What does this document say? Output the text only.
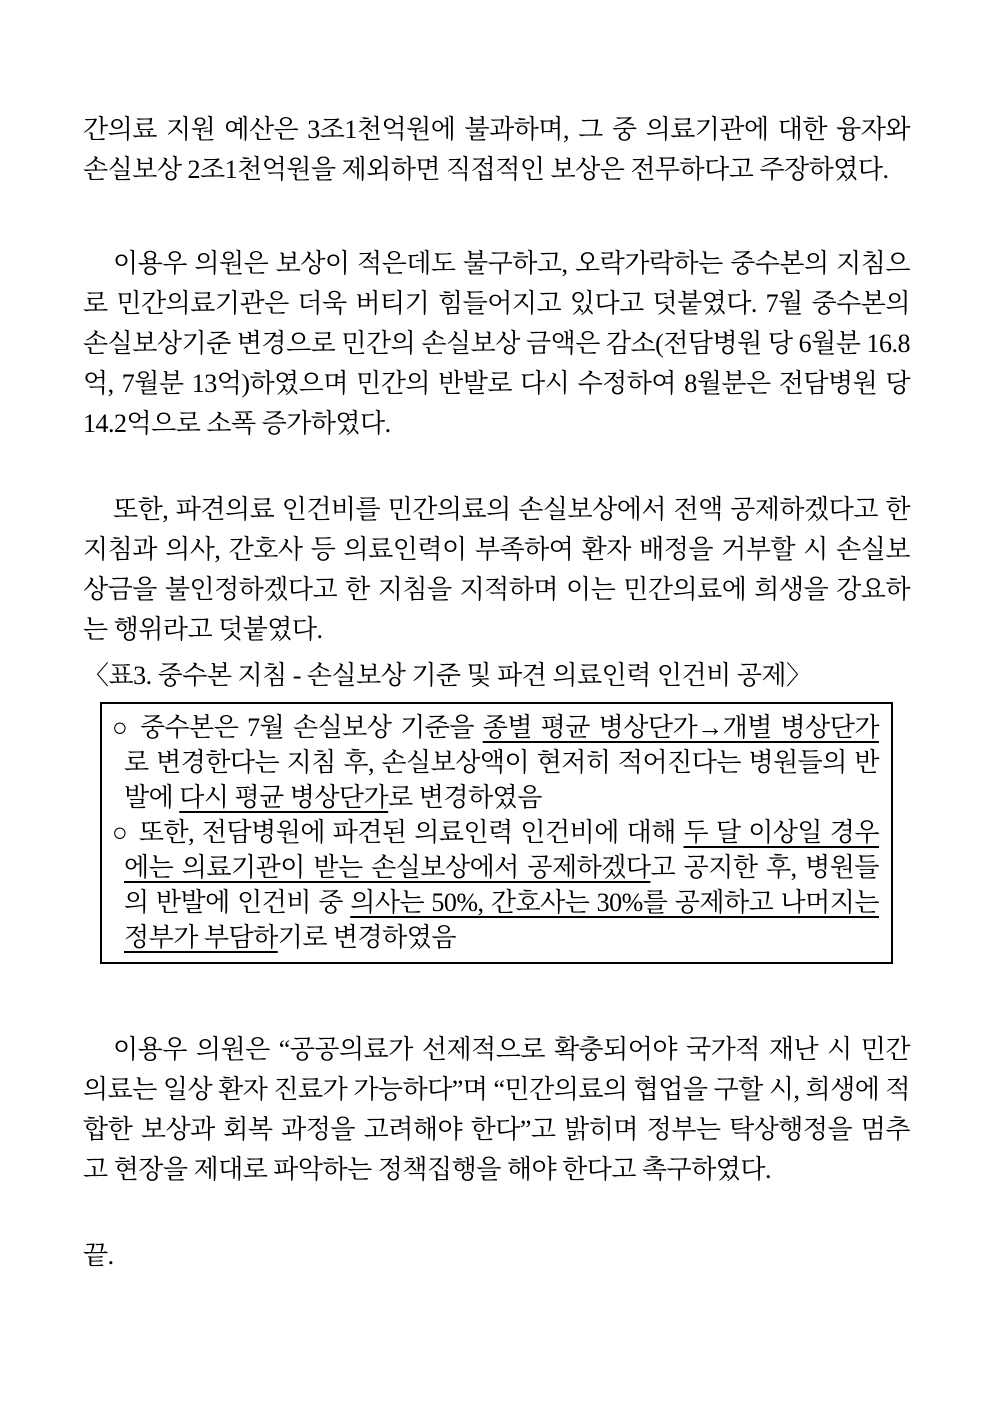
간의료 지원 예산은 3조1천억원에 불과하며, 그 중 의료기관에 대한 융자와 손실보상 2조1천억원을 제외하면 직접적인 보상은 전무하다고 주장하였다.

이용우 의원은 보상이 적은데도 불구하고, 오락가락하는 중수본의 지침으로 민간의료기관은 더욱 버티기 힘들어지고 있다고 덧붙였다. 7월 중수본의 손실보상기준 변경으로 민간의 손실보상 금액은 감소(전담병원 당 6월분 16.8억, 7월분 13억)하였으며 민간의 반발로 다시 수정하여 8월분은 전담병원 당 14.2억으로 소폭 증가하였다.

또한, 파견의료 인건비를 민간의료의 손실보상에서 전액 공제하겠다고 한 지침과 의사, 간호사 등 의료인력이 부족하여 환자 배정을 거부할 시 손실보상금을 불인정하겠다고 한 지침을 지적하며 이는 민간의료에 희생을 강요하는 행위라고 덧붙였다.

〈표3. 중수본 지침 - 손실보상 기준 및 파견 의료인력 인건비 공제〉

○ 중수본은 7월 손실보상 기준을 종별 평균 병상단가→개별 병상단가로 변경한다는 지침 후, 손실보상액이 현저히 적어진다는 병원들의 반발에 다시 평균 병상단가로 변경하였음

○ 또한, 전담병원에 파견된 의료인력 인건비에 대해 두 달 이상일 경우에는 의료기관이 받는 손실보상에서 공제하겠다고 공지한 후, 병원들의 반발에 인건비 중 의사는 50%, 간호사는 30%를 공제하고 나머지는 정부가 부담하기로 변경하였음

이용우 의원은 “공공의료가 선제적으로 확충되어야 국가적 재난 시 민간의료는 일상 환자 진료가 가능하다”며 “민간의료의 협업을 구할 시, 희생에 적합한 보상과 회복 과정을 고려해야 한다”고 밝히며 정부는 탁상행정을 멈추고 현장을 제대로 파악하는 정책집행을 해야 한다고 촉구하였다.

끝.
